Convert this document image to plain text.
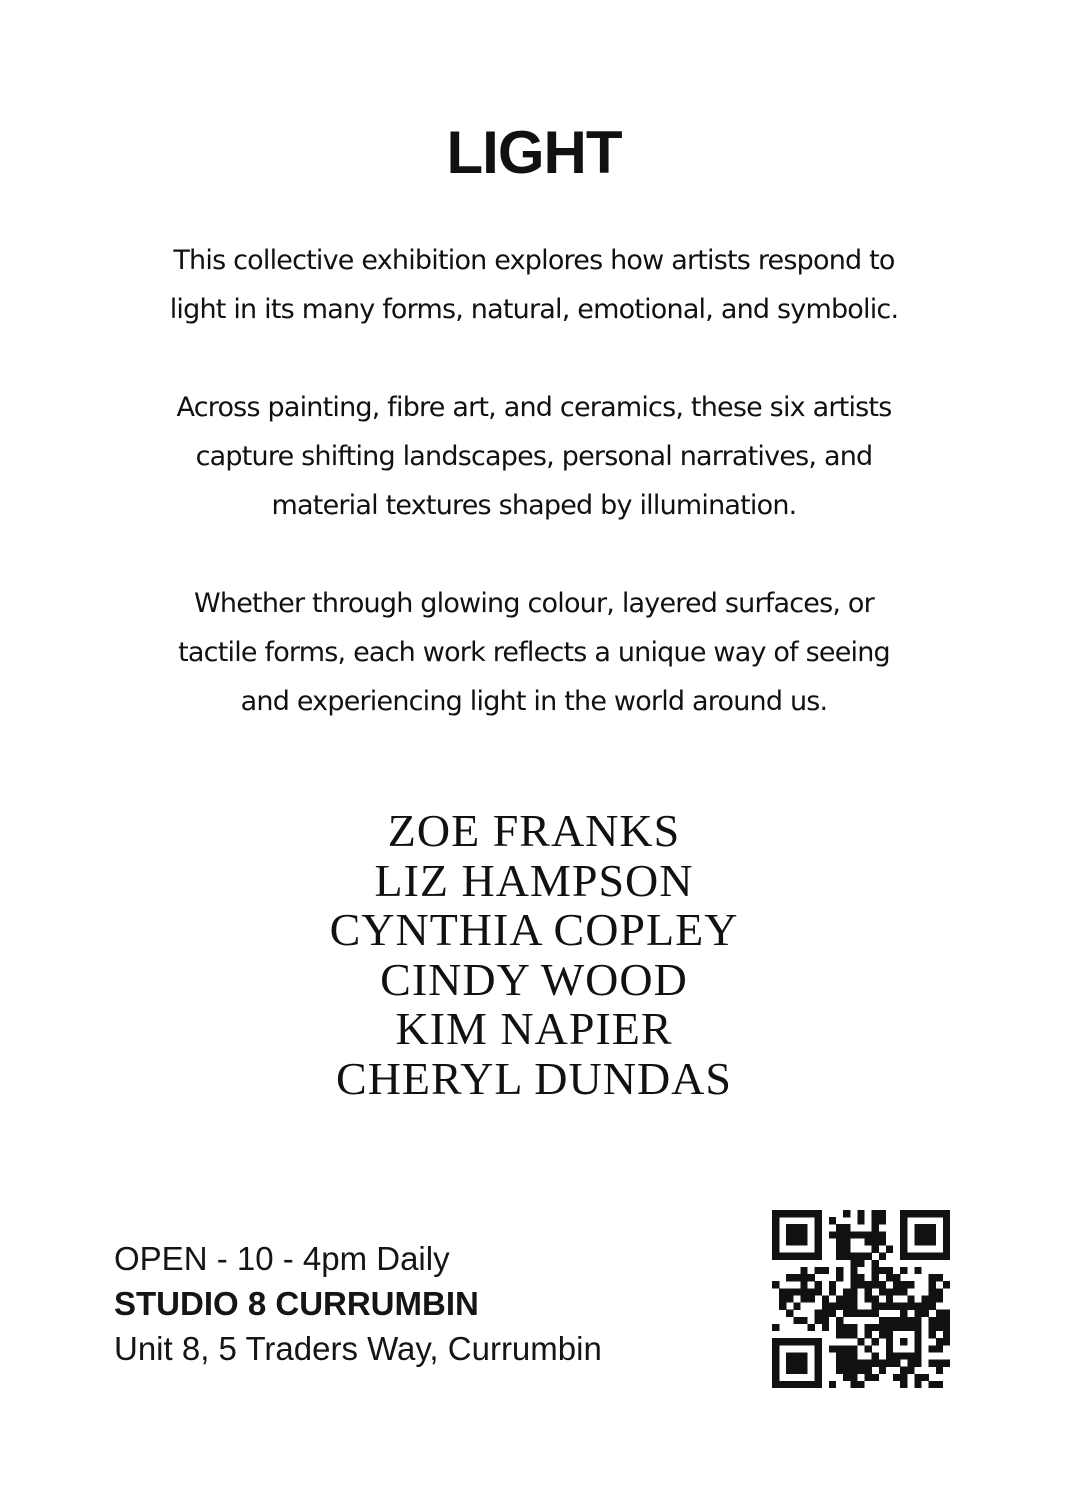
LIGHT

This collective exhibition explores how artists respond to
light in its many forms, natural, emotional, and symbolic.

Across painting, fibre art, and ceramics, these six artists
capture shifting landscapes, personal narratives, and
material textures shaped by illumination.

Whether through glowing colour, layered surfaces, or
tactile forms, each work reflects a unique way of seeing
and experiencing light in the world around us.

ZOE FRANKS
LIZ HAMPSON
CYNTHIA COPLEY
CINDY WOOD
KIM NAPIER
CHERYL DUNDAS
OPEN - 10 - 4pm Daily
STUDIO 8 CURRUMBIN
Unit 8, 5 Traders Way, Currumbin
